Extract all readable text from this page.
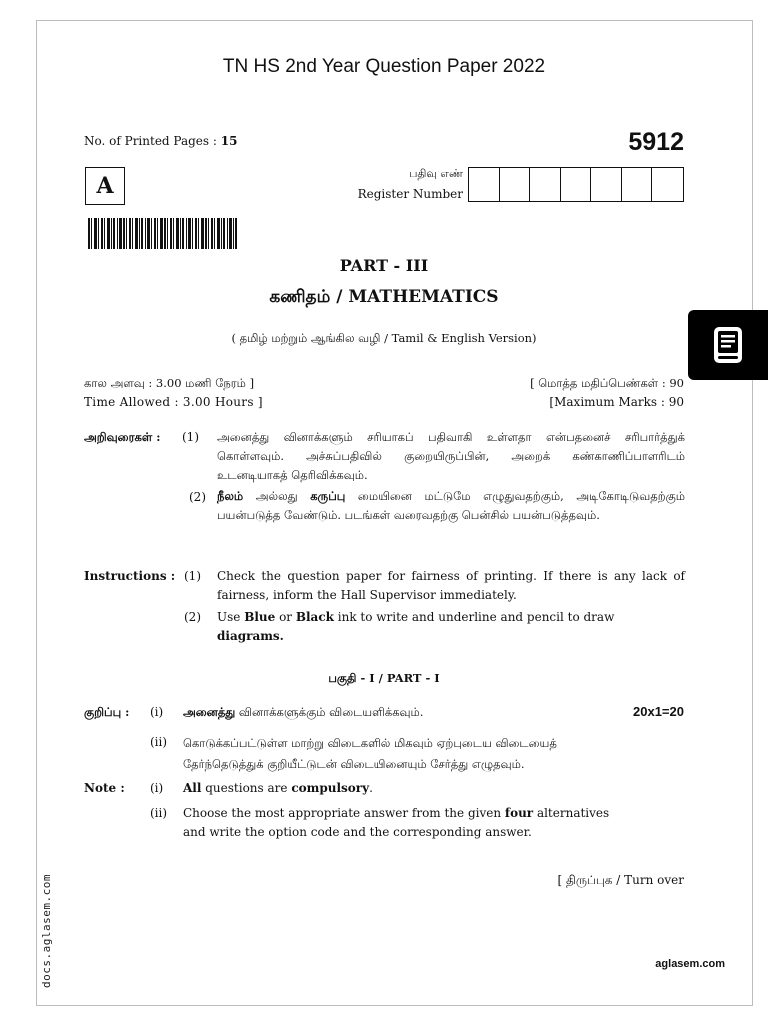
TN HS 2nd Year Question Paper 2022
No. of Printed Pages : 15	5912
A	பதிவு எண்
Register Number
PART - III
கணிதம் / MATHEMATICS
( தமிழ் மற்றும் ஆங்கில வழி / Tamil & English Version)
கால அளவு : 3.00 மணி நேரம் ]
Time Allowed : 3.00 Hours ]
[ மொத்த மதிப்பெண்கள் : 90
[Maximum Marks : 90
அறிவுரைகள் : (1) அனைத்து வினாக்களும் சரியாகப் பதிவாகி உள்ளதா என்பதனைச் சரிபார்த்துக் கொள்ளவும். அச்சுப்பதிவில் குறையிருப்பின், அறைக் கண்காணிப்பாளரிடம் உடனடியாகத் தெரிவிக்கவும்.
(2) நீலம் அல்லது கருப்பு மையினை மட்டுமே எழுதுவதற்கும், அடிகோடிடுவதற்கும் பயன்படுத்த வேண்டும். படங்கள் வரைவதற்கு பென்சில் பயன்படுத்தவும்.
Instructions : (1) Check the question paper for fairness of printing. If there is any lack of fairness, inform the Hall Supervisor immediately.
(2) Use Blue or Black ink to write and underline and pencil to draw
diagrams.
பகுதி - I / PART - I
குறிப்பு : (i) அனைத்து வினாக்களுக்கும் விடையளிக்கவும்.	20x1=20
(ii) கொடுக்கப்பட்டுள்ள மாற்று விடைகளில் மிகவும் ஏற்புடைய விடையைத்
தேர்ந்தெடுத்துக் குறியீட்டுடன் விடையினையும் சேர்த்து எழுதவும்.
Note : (i) All questions are compulsory.
(ii) Choose the most appropriate answer from the given four alternatives
and write the option code and the corresponding answer.
[ திருப்புக / Turn over
docs.aglasem.com	aglasem.com
